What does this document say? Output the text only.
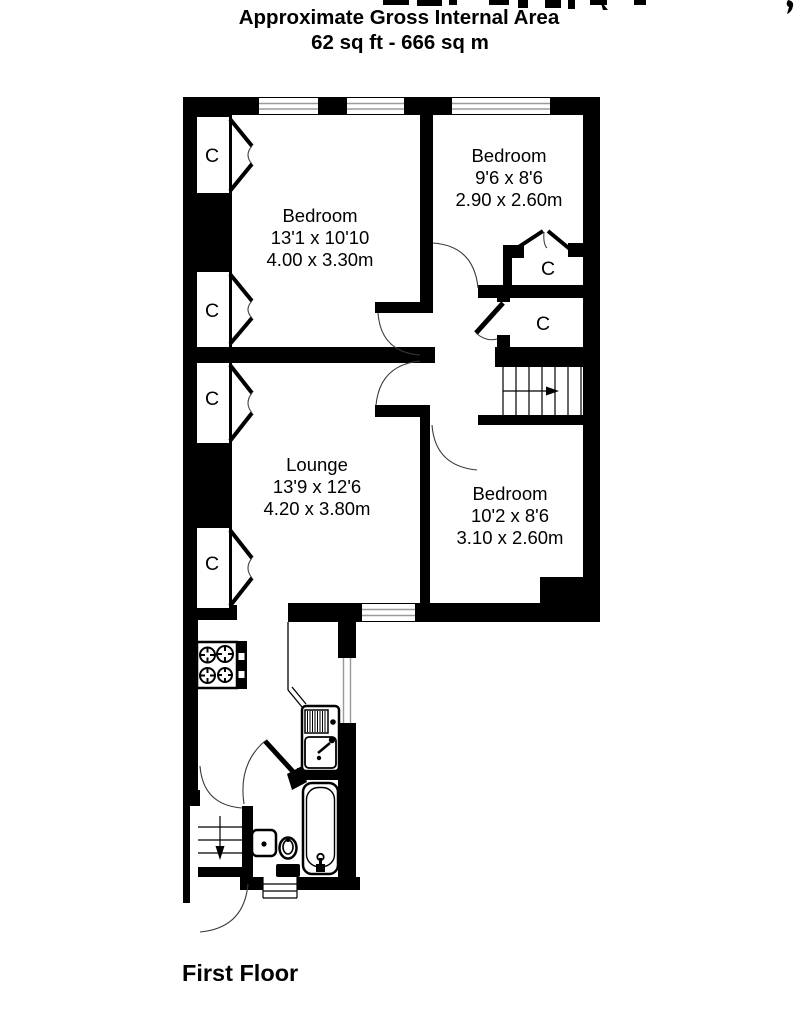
Approximate Gross Internal Area
62 sq ft - 666 sq m
Bedroom
13'1 x 10'10
4.00 x 3.30m
Bedroom
9'6 x 8'6
2.90 x 2.60m
Lounge
13'9 x 12'6
4.20 x 3.80m
Bedroom
10'2 x 8'6
3.10 x 2.60m
C
C
C
C
C
C
First Floor
